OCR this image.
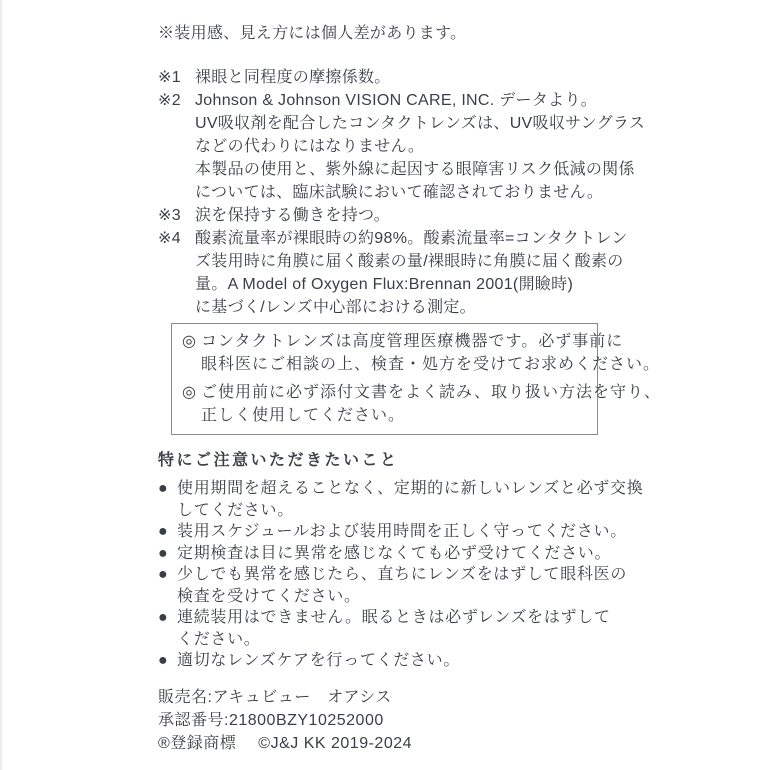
※装用感、見え方には個人差があります。
※1 裸眼と同程度の摩擦係数。
※2 Johnson & Johnson VISION CARE, INC. データより。
UV吸収剤を配合したコンタクトレンズは、UV吸収サングラス
などの代わりにはなりません。
本製品の使用と、紫外線に起因する眼障害リスク低減の関係
については、臨床試験において確認されておりません。
※3 涙を保持する働きを持つ。
※4 酸素流量率が裸眼時の約98%。酸素流量率=コンタクトレン
ズ装用時に角膜に届く酸素の量/裸眼時に角膜に届く酸素の
量。A Model of Oxygen Flux:Brennan 2001(開瞼時)
に基づく/レンズ中心部における測定。
◎ コンタクトレンズは高度管理医療機器です。必ず事前に
眼科医にご相談の上、検査・処方を受けてお求めください。
◎ ご使用前に必ず添付文書をよく読み、取り扱い方法を守り、
正しく使用してください。
特にご注意いただきたいこと
● 使用期間を超えることなく、定期的に新しいレンズと必ず交換
してください。
● 装用スケジュールおよび装用時間を正しく守ってください。
● 定期検査は目に異常を感じなくても必ず受けてください。
● 少しでも異常を感じたら、直ちにレンズをはずして眼科医の
検査を受けてください。
● 連続装用はできません。眠るときは必ずレンズをはずして
ください。
● 適切なレンズケアを行ってください。
販売名:アキュビュー　オアシス
承認番号:21800BZY10252000
®登録商標 ©J&J KK 2019-2024
